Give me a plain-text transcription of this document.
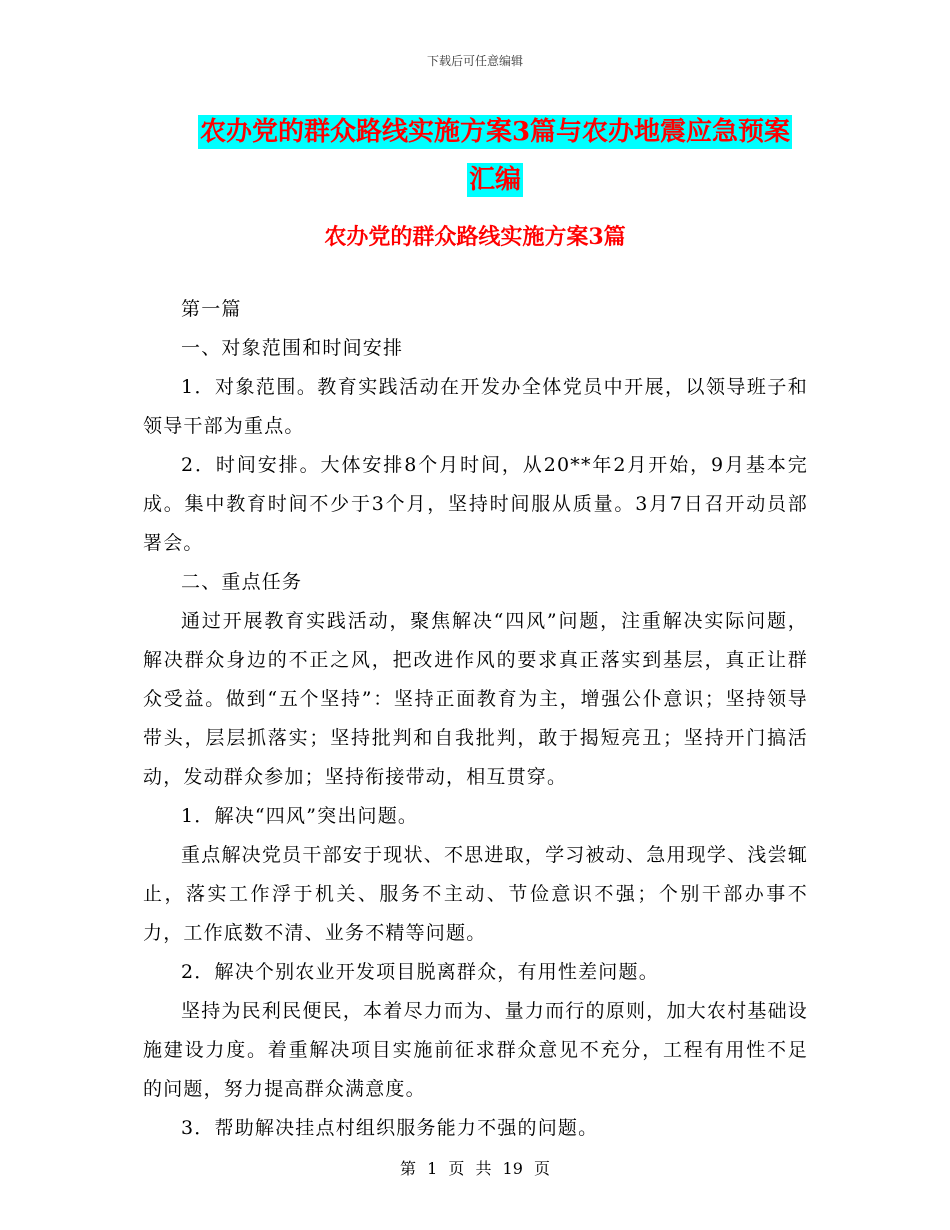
下载后可任意编辑
农办党的群众路线实施方案3篇与农办地震应急预案
汇编
农办党的群众路线实施方案3篇

第一篇

一、对象范围和时间安排

1．对象范围。教育实践活动在开发办全体党员中开展，以领导班子和领导干部为重点。

2．时间安排。大体安排8个月时间，从20**年2月开始，9月基本完成。集中教育时间不少于3个月，坚持时间服从质量。3月7日召开动员部署会。

二、重点任务

通过开展教育实践活动，聚焦解决“四风”问题，注重解决实际问题，解决群众身边的不正之风，把改进作风的要求真正落实到基层，真正让群众受益。做到“五个坚持”：坚持正面教育为主，增强公仆意识；坚持领导带头，层层抓落实；坚持批判和自我批判，敢于揭短亮丑；坚持开门搞活动，发动群众参加；坚持衔接带动，相互贯穿。

1．解决“四风”突出问题。

重点解决党员干部安于现状、不思进取，学习被动、急用现学、浅尝辄止，落实工作浮于机关、服务不主动、节俭意识不强；个别干部办事不力，工作底数不清、业务不精等问题。

2．解决个别农业开发项目脱离群众，有用性差问题。

坚持为民利民便民，本着尽力而为、量力而行的原则，加大农村基础设施建设力度。着重解决项目实施前征求群众意见不充分，工程有用性不足的问题，努力提高群众满意度。

3．帮助解决挂点村组织服务能力不强的问题。

第 1 页 共 19 页
